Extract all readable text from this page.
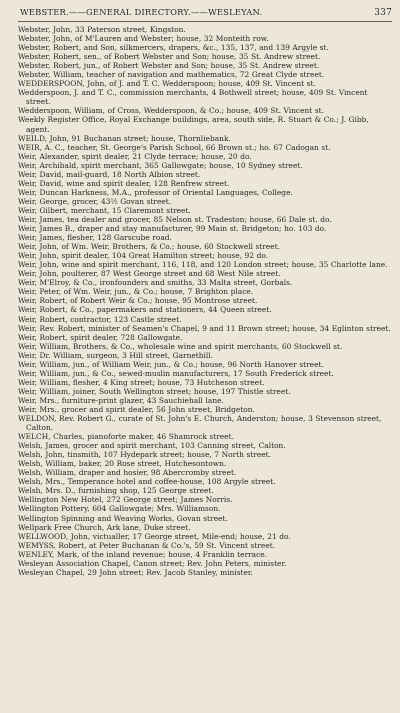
WEBSTER.——GENERAL DIRECTORY.——WESLEYAN.	337
Webster, John, 33 Paterson street, Kingston.
Webster, John, of M'Lauren and Webster; house, 32 Monteith row.
Webster, Robert, and Son, silkmercers, drapers, &c., 135, 137, and 139 Argyle st.
Webster, Robert, sen., of Robert Webster and Son; house, 35 St. Andrew street.
Webster, Robert, jun., of Robert Webster and Son; house, 35 St. Andrew street.
Webster, William, teacher of navigation and mathematics, 72 Great Clyde street.
WEDDERSPOON, John, of J. and T. C. Wedderspoon; house, 409 St. Vincent st.
Wedderspoon, J. and T. C., commission merchants, 4 Bothwell street; house, 409 St. Vincent street.
Wedderspoon, William, of Cross, Wedderspoon, & Co.; house, 409 St. Vincent st.
Weekly Register Office, Royal Exchange buildings, area, south side, R. Stuart & Co.; J. Gibb, agent.
WEILD, John, 91 Buchanan street; house, Thornliebank.
WEIR, A. C., teacher, St. George's Parish School, 66 Brown st.; ho. 67 Cadogan st.
Weir, Alexander, spirit dealer, 21 Clyde terrace; house, 20 do.
Weir, Archibald, spirit merchant, 365 Gallowgate; house, 10 Sydney street.
Weir, David, mail-guard, 18 North Albion street.
Weir, David, wine and spirit dealer, 128 Renfrew street.
Weir, Duncan Harkness, M.A., professor of Oriental Languages, College.
Weir, George, grocer, 43½ Govan street.
Weir, Gilbert, merchant, 15 Claremont street.
Weir, James, tea dealer and grocer, 85 Nelson st. Tradeston; house, 66 Dale st. do.
Weir, James B., draper and stay manufacturer, 99 Main st. Bridgeton; ho. 103 do.
Weir, James, flesher, 128 Garscube road.
Weir, John, of Wm. Weir, Brothers, & Co.; house, 60 Stockwell street.
Weir, John, spirit dealer, 104 Great Hamilton street; house, 92 do.
Weir, John, wine and spirit merchant, 116, 118, and 120 London street; house, 35 Charlotte lane.
Weir, John, poulterer, 87 West George street and 68 West Nile street.
Weir, M'Elroy, & Co., ironfounders and smiths, 33 Malta street, Gorbals.
Weir, Peter, of Wm. Weir, jun., & Co.; house, 7 Brighton place.
Weir, Robert, of Robert Weir & Co.; house, 95 Montrose street.
Weir, Robert, & Co., papermakers and stationers, 44 Queen street.
Weir, Robert, contractor, 123 Castle street.
Weir, Rev. Robert, minister of Seamen's Chapel, 9 and 11 Brown street; house, 34 Eglinton street.
Weir, Robert, spirit dealer, 728 Gallowgate.
Weir, William, Brothers, & Co., wholesale wine and spirit merchants, 60 Stockwell st.
Weir, Dr. William, surgeon, 3 Hill street, Garnethill.
Weir, William, jun., of William Weir, jun., & Co.; house, 96 North Hanover street.
Weir, William, jun., & Co., sewed-muslin manufacturers, 17 South Frederick street.
Weir, William, flesher, 4 King street; house, 73 Hutcheson street.
Weir, William, joiner, South Wellington street; house, 197 Thistle street.
Weir, Mrs., furniture-print glazer, 43 Sauchiehall lane.
Weir, Mrs., grocer and spirit dealer, 56 John street, Bridgeton.
WELDON, Rev. Robert G., curate of St. John's E. Church, Anderston; house, 3 Stevenson street, Calton.
WELCH, Charles, pianoforte maker, 46 Shamrock street.
Welsh, James, grocer and spirit merchant, 103 Canning street, Calton.
Welsh, John, tinsmith, 107 Hydepark street; house, 7 North street.
Welsh, William, baker, 20 Rose street, Hutchesontown.
Welsh, William, draper and hosier, 98 Abercromby street.
Welsh, Mrs., Temperance hotel and coffee-house, 108 Argyle street.
Welsh, Mrs. D., furnishing shop, 125 George street.
Wellington New Hotel, 272 George street; James Norris.
Wellington Pottery, 604 Gallowgate; Mrs. Williamson.
Wellington Spinning and Weaving Works, Govan street.
Wellpark Free Church, Ark lane, Duke street.
WELLWOOD, John, victualler, 17 George street, Mile-end; house, 21 do.
WEMYSS, Robert, at Peter Buchanan & Co.'s, 59 St. Vincent street.
WENLEY, Mark, of the inland revenue; house, 4 Franklin terrace.
Wesleyan Association Chapel, Canon street; Rev. John Peters, minister.
Wesleyan Chapel, 29 John street; Rev. Jacob Stanley, minister.
